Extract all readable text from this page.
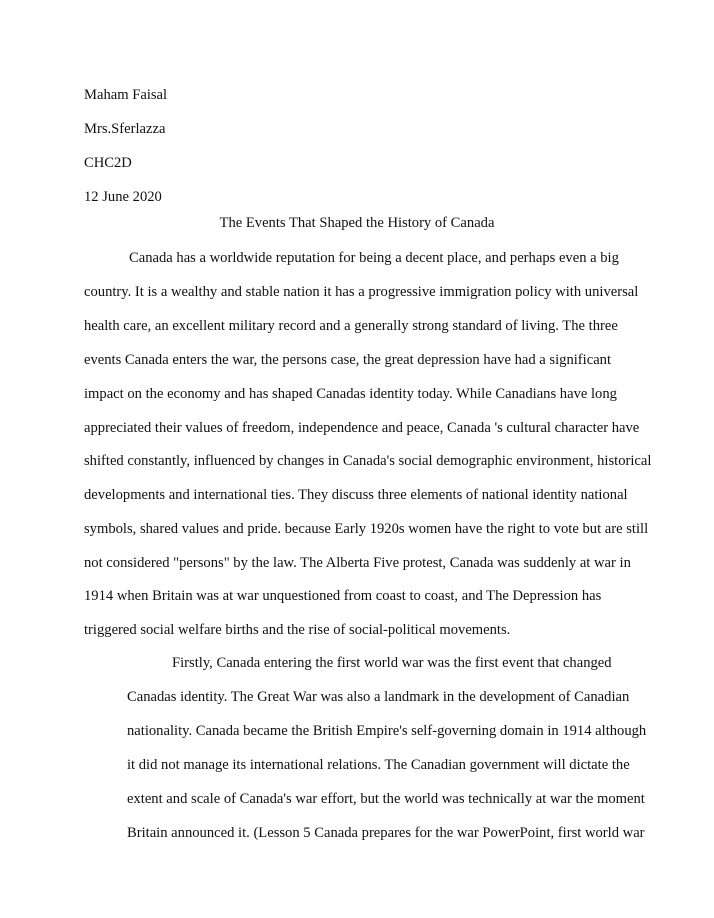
Maham Faisal
Mrs.Sferlazza
CHC2D
12 June 2020
The Events That Shaped the History of Canada
Canada has a worldwide reputation for being a decent place, and perhaps even a big
country. It is a wealthy and stable nation it has a progressive immigration policy with universal
health care, an excellent military record and a generally strong standard of living. The three
events Canada enters the war, the persons case, the great depression have had a significant
impact on the economy and has shaped Canadas identity today. While Canadians have long
appreciated their values of freedom, independence and peace, Canada 's cultural character have
shifted constantly, influenced by changes in Canada's social demographic environment, historical
developments and international ties. They discuss three elements of national identity national
symbols, shared values and pride. because Early 1920s women have the right to vote but are still
not considered "persons" by the law. The Alberta Five protest, Canada was suddenly at war in
1914 when Britain was at war unquestioned from coast to coast, and The Depression has
triggered social welfare births and the rise of social-political movements.
Firstly, Canada entering the first world war was the first event that changed
Canadas identity. The Great War was also a landmark in the development of Canadian
nationality. Canada became the British Empire's self-governing domain in 1914 although
it did not manage its international relations. The Canadian government will dictate the
extent and scale of Canada's war effort, but the world was technically at war the moment
Britain announced it. (Lesson 5 Canada prepares for the war PowerPoint, first world war
